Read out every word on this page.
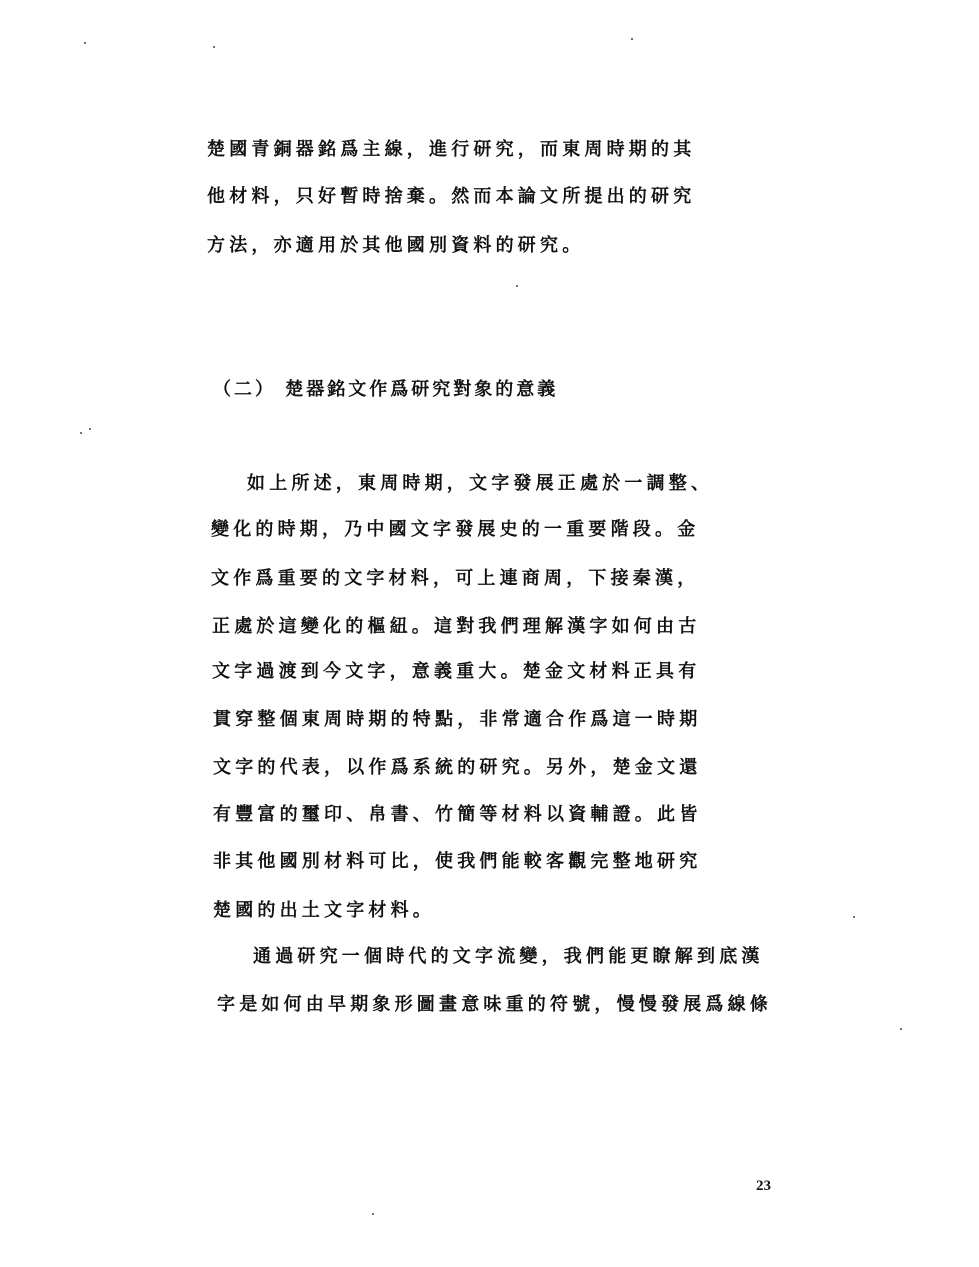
楚國青銅器銘爲主線，進行研究，而東周時期的其
他材料，只好暫時捨棄。然而本論文所提出的研究
方法，亦適用於其他國別資料的研究。
（二） 楚器銘文作爲研究對象的意義
如上所述，東周時期，文字發展正處於一調整、
變化的時期，乃中國文字發展史的一重要階段。金
文作爲重要的文字材料，可上連商周，下接秦漢，
正處於這變化的樞紐。這對我們理解漢字如何由古
文字過渡到今文字，意義重大。楚金文材料正具有
貫穿整個東周時期的特點，非常適合作爲這一時期
文字的代表，以作爲系統的研究。另外，楚金文還
有豐富的璽印、帛書、竹簡等材料以資輔證。此皆
非其他國別材料可比，使我們能較客觀完整地研究
楚國的出土文字材料。
通過研究一個時代的文字流變，我們能更瞭解到底漢
字是如何由早期象形圖畫意味重的符號，慢慢發展爲線條
23
